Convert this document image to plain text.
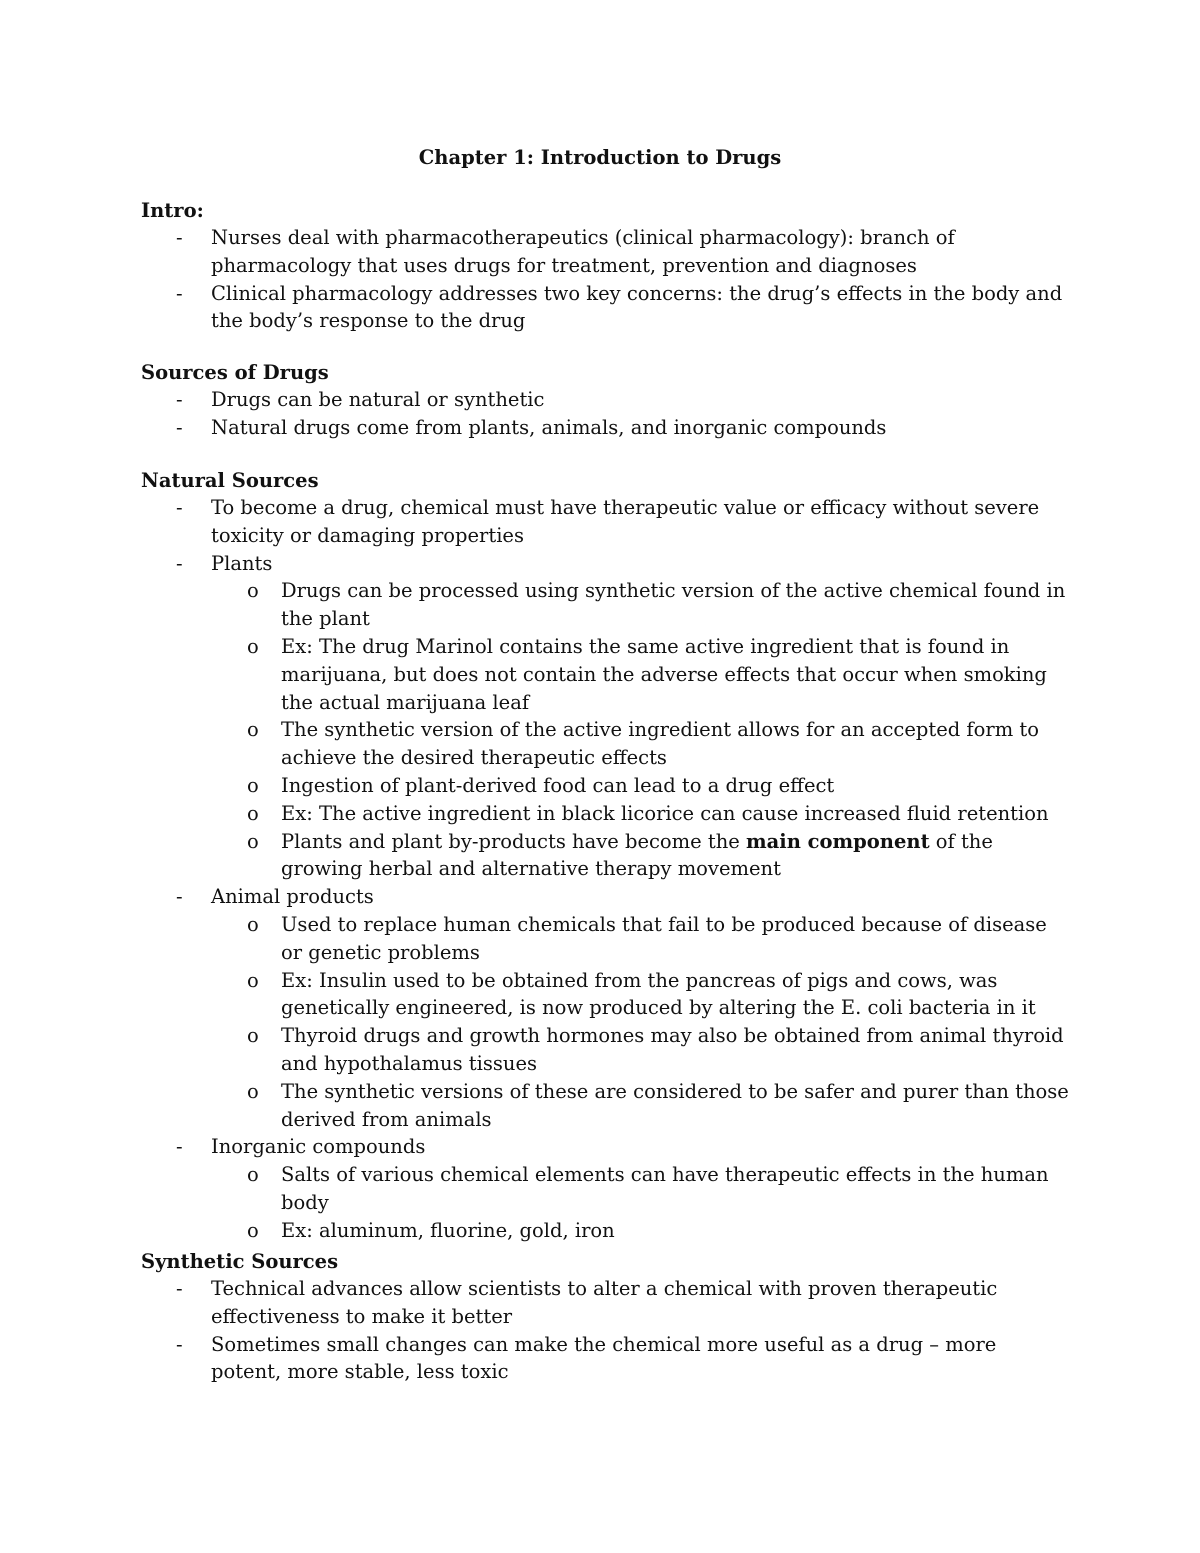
Chapter 1: Introduction to Drugs
Intro:
- Nurses deal with pharmacotherapeutics (clinical pharmacology): branch of pharmacology that uses drugs for treatment, prevention and diagnoses
- Clinical pharmacology addresses two key concerns: the drug’s effects in the body and the body’s response to the drug
Sources of Drugs
- Drugs can be natural or synthetic
- Natural drugs come from plants, animals, and inorganic compounds
Natural Sources
- To become a drug, chemical must have therapeutic value or efficacy without severe toxicity or damaging properties
- Plants
o Drugs can be processed using synthetic version of the active chemical found in the plant
o Ex: The drug Marinol contains the same active ingredient that is found in marijuana, but does not contain the adverse effects that occur when smoking the actual marijuana leaf
o The synthetic version of the active ingredient allows for an accepted form to achieve the desired therapeutic effects
o Ingestion of plant-derived food can lead to a drug effect
o Ex: The active ingredient in black licorice can cause increased fluid retention
o Plants and plant by-products have become the main component of the growing herbal and alternative therapy movement
- Animal products
o Used to replace human chemicals that fail to be produced because of disease or genetic problems
o Ex: Insulin used to be obtained from the pancreas of pigs and cows, was genetically engineered, is now produced by altering the E. coli bacteria in it
o Thyroid drugs and growth hormones may also be obtained from animal thyroid and hypothalamus tissues
o The synthetic versions of these are considered to be safer and purer than those derived from animals
- Inorganic compounds
o Salts of various chemical elements can have therapeutic effects in the human body
o Ex: aluminum, fluorine, gold, iron
Synthetic Sources
- Technical advances allow scientists to alter a chemical with proven therapeutic effectiveness to make it better
- Sometimes small changes can make the chemical more useful as a drug – more potent, more stable, less toxic
